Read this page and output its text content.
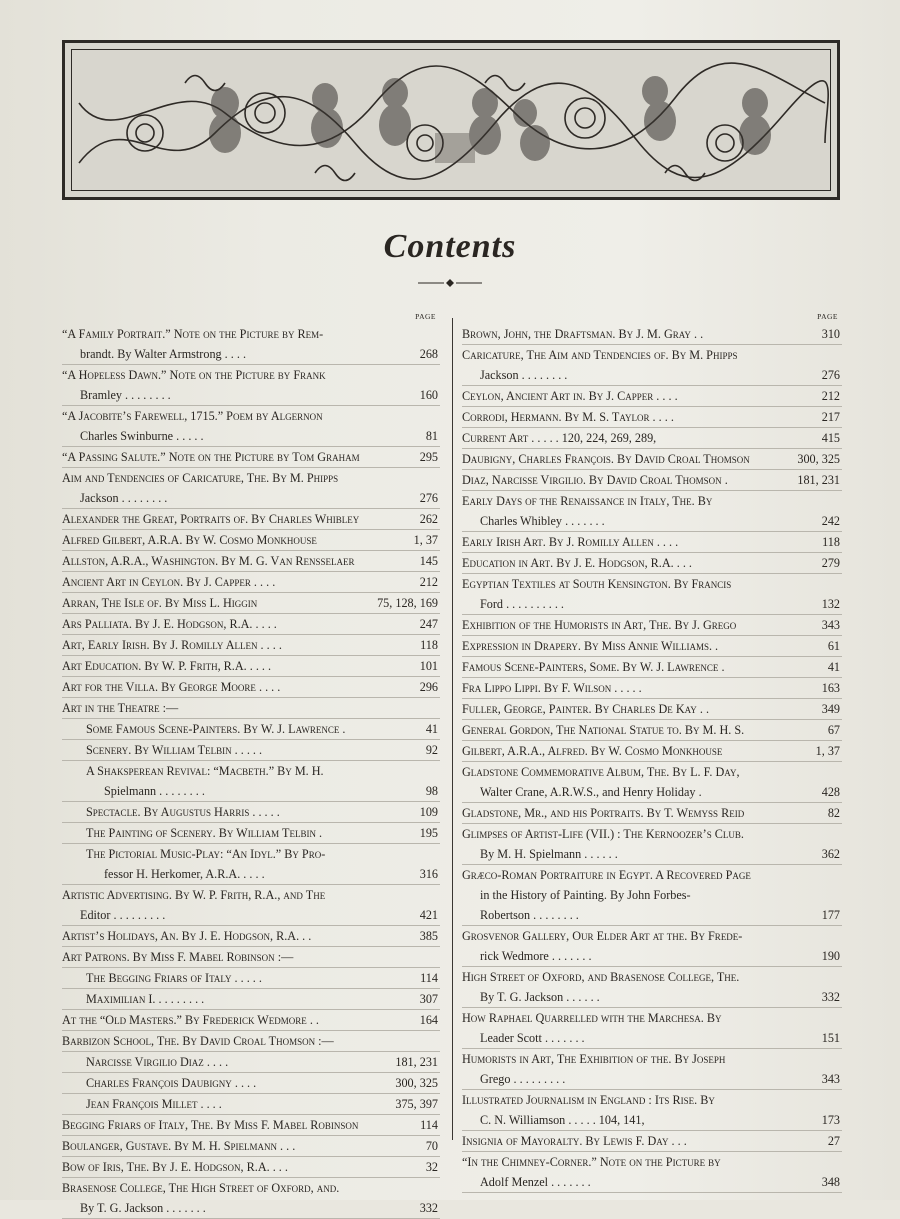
Contents
PAGE
“A Family Portrait.” Note on the Picture by Rem-
brandt. By Walter Armstrong . . . .	268
“A Hopeless Dawn.” Note on the Picture by Frank
Bramley . . . . . . . .	160
“A Jacobite’s Farewell, 1715.” Poem by Algernon
Charles Swinburne . . . . .	81
“A Passing Salute.” Note on the Picture by Tom Graham	295
Aim and Tendencies of Caricature, The. By M. Phipps
Jackson . . . . . . . .	276
Alexander the Great, Portraits of. By Charles Whibley	262
Alfred Gilbert, A.R.A. By W. Cosmo Monkhouse	1, 37
Allston, A.R.A., Washington. By M. G. Van Rensselaer	145
Ancient Art in Ceylon. By J. Capper . . . .	212
Arran, The Isle of. By Miss L. Higgin	75, 128, 169
Ars Palliata. By J. E. Hodgson, R.A. . . . .	247
Art, Early Irish. By J. Romilly Allen . . . .	118
Art Education. By W. P. Frith, R.A. . . . .	101
Art for the Villa. By George Moore . . . .	296
Art in the Theatre :—
Some Famous Scene-Painters. By W. J. Lawrence .	41
Scenery. By William Telbin . . . . .	92
A Shaksperean Revival: “Macbeth.” By M. H.
Spielmann . . . . . . . .	98
Spectacle. By Augustus Harris . . . . .	109
The Painting of Scenery. By William Telbin .	195
The Pictorial Music-Play: “An Idyl.” By Pro-
fessor H. Herkomer, A.R.A. . . . .	316
Artistic Advertising. By W. P. Frith, R.A., and The
Editor . . . . . . . . .	421
Artist’s Holidays, An. By J. E. Hodgson, R.A. . .	385
Art Patrons. By Miss F. Mabel Robinson :—
The Begging Friars of Italy . . . . .	114
Maximilian I. . . . . . . . .	307
At the “Old Masters.” By Frederick Wedmore . .	164
Barbizon School, The. By David Croal Thomson :—
Narcisse Virgilio Diaz . . . .	181, 231
Charles François Daubigny . . . .	300, 325
Jean François Millet . . . .	375, 397
Begging Friars of Italy, The. By Miss F. Mabel Robinson	114
Boulanger, Gustave. By M. H. Spielmann . . .	70
Bow of Iris, The. By J. E. Hodgson, R.A. . . .	32
Brasenose College, The High Street of Oxford, and.
By T. G. Jackson . . . . . . .	332
PAGE
Brown, John, the Draftsman. By J. M. Gray . .	310
Caricature, The Aim and Tendencies of. By M. Phipps
Jackson . . . . . . . .	276
Ceylon, Ancient Art in. By J. Capper . . . .	212
Corrodi, Hermann. By M. S. Taylor . . . .	217
Current Art . . . . . 120, 224, 269, 289,	415
Daubigny, Charles François. By David Croal Thomson	300, 325
Diaz, Narcisse Virgilio. By David Croal Thomson .	181, 231
Early Days of the Renaissance in Italy, The. By
Charles Whibley . . . . . . .	242
Early Irish Art. By J. Romilly Allen . . . .	118
Education in Art. By J. E. Hodgson, R.A. . . .	279
Egyptian Textiles at South Kensington. By Francis
Ford . . . . . . . . . .	132
Exhibition of the Humorists in Art, The. By J. Grego	343
Expression in Drapery. By Miss Annie Williams. .	61
Famous Scene-Painters, Some. By W. J. Lawrence .	41
Fra Lippo Lippi. By F. Wilson . . . . .	163
Fuller, George, Painter. By Charles De Kay . .	349
General Gordon, The National Statue to. By M. H. S.	67
Gilbert, A.R.A., Alfred. By W. Cosmo Monkhouse	1, 37
Gladstone Commemorative Album, The. By L. F. Day,
Walter Crane, A.R.W.S., and Henry Holiday .	428
Gladstone, Mr., and his Portraits. By T. Wemyss Reid	82
Glimpses of Artist-Life (VII.) : The Kernoozer’s Club.
By M. H. Spielmann . . . . . .	362
Græco-Roman Portraiture in Egypt. A Recovered Page
in the History of Painting. By John Forbes-
Robertson . . . . . . . .	177
Grosvenor Gallery, Our Elder Art at the. By Frede-
rick Wedmore . . . . . . .	190
High Street of Oxford, and Brasenose College, The.
By T. G. Jackson . . . . . .	332
How Raphael Quarrelled with the Marchesa. By
Leader Scott . . . . . . .	151
Humorists in Art, The Exhibition of the. By Joseph
Grego . . . . . . . . .	343
Illustrated Journalism in England : Its Rise. By
C. N. Williamson . . . . . 104, 141,	173
Insignia of Mayoralty. By Lewis F. Day . . .	27
“In the Chimney-Corner.” Note on the Picture by
Adolf Menzel . . . . . . .	348
